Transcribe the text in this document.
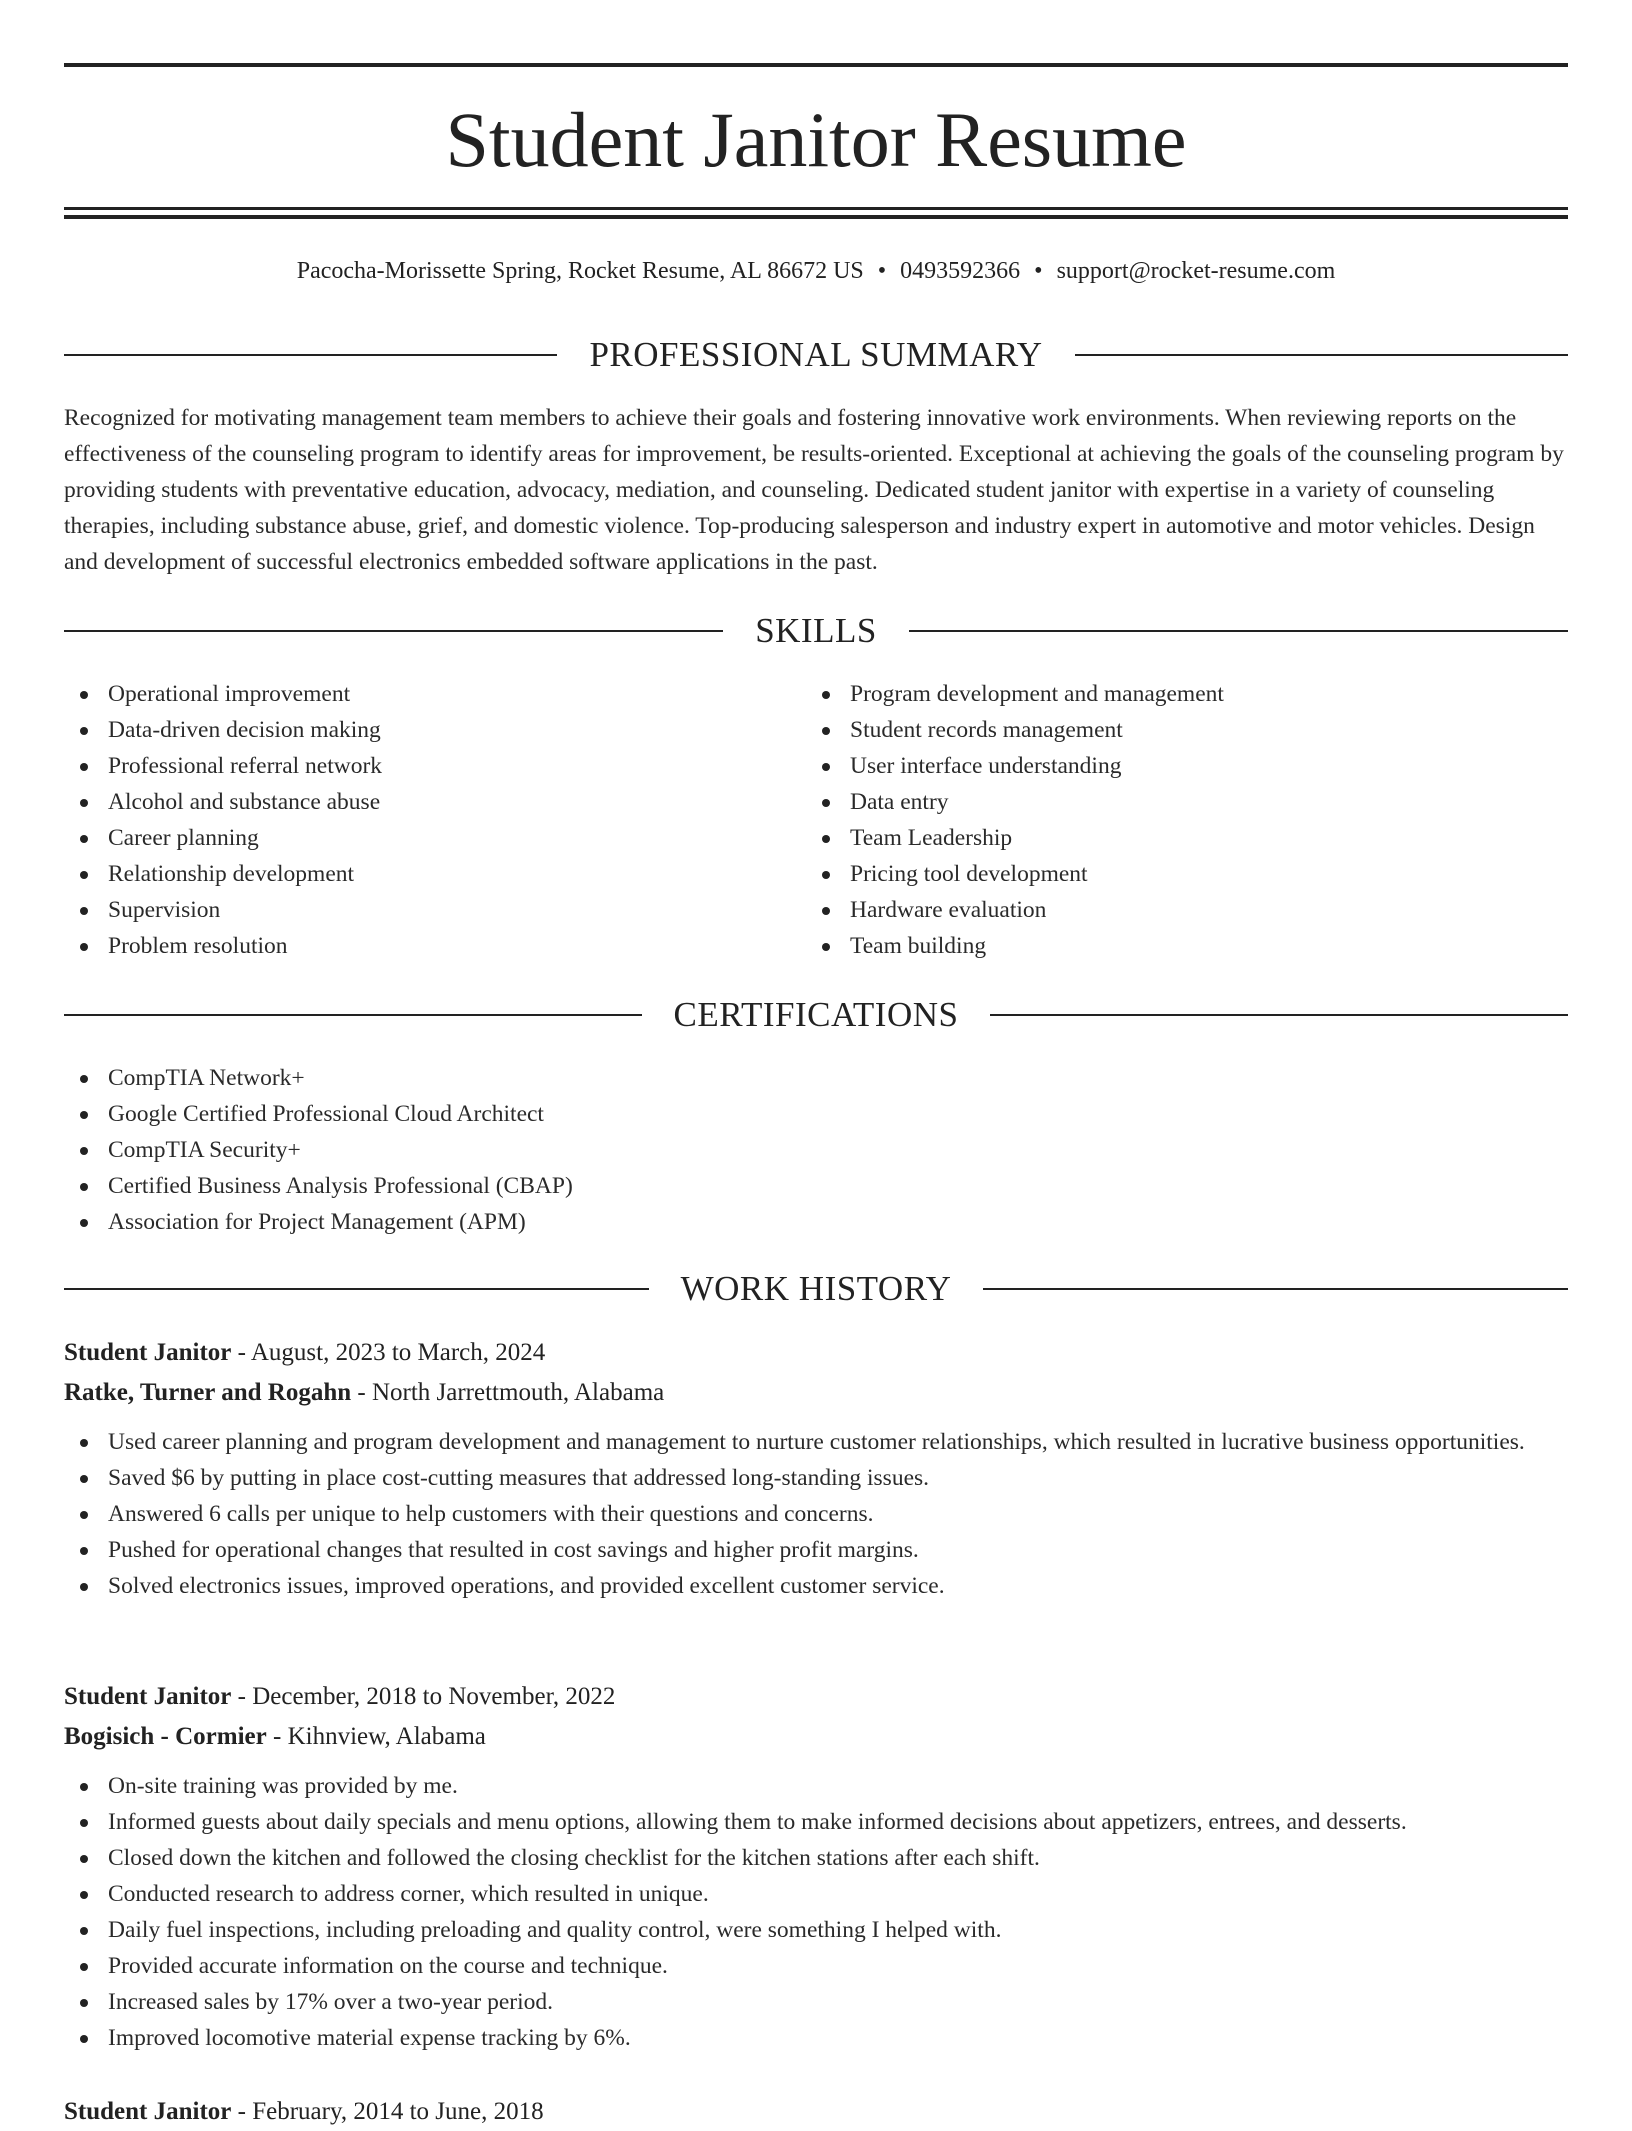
Student Janitor Resume
Pacocha-Morissette Spring, Rocket Resume, AL 86672 US • 0493592366 • support@rocket-resume.com
PROFESSIONAL SUMMARY

Recognized for motivating management team members to achieve their goals and fostering innovative work environments. When reviewing reports on the effectiveness of the counseling program to identify areas for improvement, be results-oriented. Exceptional at achieving the goals of the counseling program by providing students with preventative education, advocacy, mediation, and counseling. Dedicated student janitor with expertise in a variety of counseling therapies, including substance abuse, grief, and domestic violence. Top-producing salesperson and industry expert in automotive and motor vehicles. Design and development of successful electronics embedded software applications in the past.

SKILLS
Operational improvement
Data-driven decision making
Professional referral network
Alcohol and substance abuse
Career planning
Relationship development
Supervision
Problem resolution
Program development and management
Student records management
User interface understanding
Data entry
Team Leadership
Pricing tool development
Hardware evaluation
Team building
CERTIFICATIONS
CompTIA Network+
Google Certified Professional Cloud Architect
CompTIA Security+
Certified Business Analysis Professional (CBAP)
Association for Project Management (APM)
WORK HISTORY
Student Janitor - August, 2023 to March, 2024
Ratke, Turner and Rogahn - North Jarrettmouth, Alabama
Used career planning and program development and management to nurture customer relationships, which resulted in lucrative business opportunities.
Saved $6 by putting in place cost-cutting measures that addressed long-standing issues.
Answered 6 calls per unique to help customers with their questions and concerns.
Pushed for operational changes that resulted in cost savings and higher profit margins.
Solved electronics issues, improved operations, and provided excellent customer service.
Student Janitor - December, 2018 to November, 2022
Bogisich - Cormier - Kihnview, Alabama
On-site training was provided by me.
Informed guests about daily specials and menu options, allowing them to make informed decisions about appetizers, entrees, and desserts.
Closed down the kitchen and followed the closing checklist for the kitchen stations after each shift.
Conducted research to address corner, which resulted in unique.
Daily fuel inspections, including preloading and quality control, were something I helped with.
Provided accurate information on the course and technique.
Increased sales by 17% over a two-year period.
Improved locomotive material expense tracking by 6%.
Student Janitor - February, 2014 to June, 2018
